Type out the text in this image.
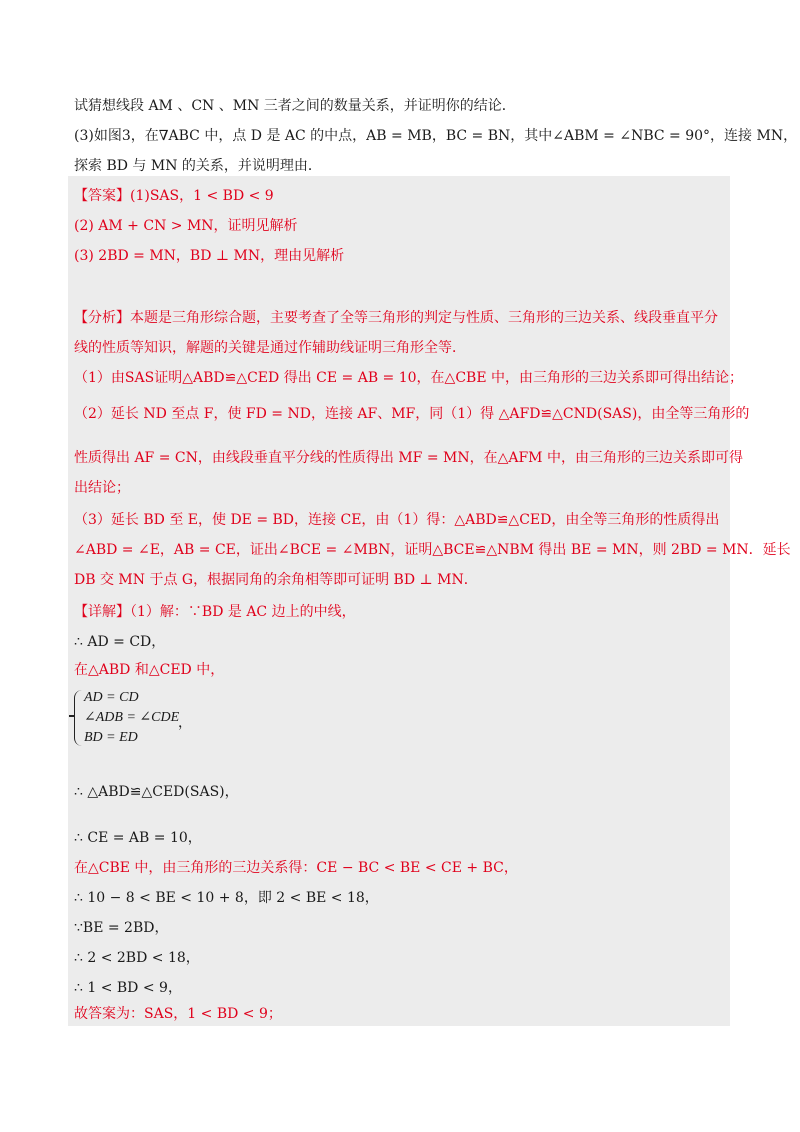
试猜想线段 AM 、CN 、MN 三者之间的数量关系，并证明你的结论．
(3)如图3，在∇ABC 中，点 D 是 AC 的中点，AB = MB，BC = BN，其中∠ABM = ∠NBC = 90°，连接 MN，
探索 BD 与 MN 的关系，并说明理由．
【答案】(1)SAS，1 < BD < 9
(2) AM + CN > MN，证明见解析
(3) 2BD = MN，BD ⊥ MN，理由见解析
【分析】本题是三角形综合题，主要考查了全等三角形的判定与性质、三角形的三边关系、线段垂直平分
线的性质等知识，解题的关键是通过作辅助线证明三角形全等．
（1）由SAS证明△ABD≌△CED 得出 CE = AB = 10，在△CBE 中，由三角形的三边关系即可得出结论；
（2）延长 ND 至点 F，使 FD = ND，连接 AF、MF，同（1）得 △AFD≌△CND(SAS)，由全等三角形的
性质得出 AF = CN，由线段垂直平分线的性质得出 MF = MN，在△AFM 中，由三角形的三边关系即可得
出结论；
（3）延长 BD 至 E，使 DE = BD，连接 CE，由（1）得：△ABD≌△CED，由全等三角形的性质得出
∠ABD = ∠E，AB = CE，证出∠BCE = ∠MBN，证明△BCE≌△NBM 得出 BE = MN，则 2BD = MN．延长
DB 交 MN 于点 G，根据同角的余角相等即可证明 BD ⊥ MN．
【详解】（1）解：∵BD 是 AC 边上的中线，
∴ AD = CD，
在△ABD 和△CED 中，
AD = CD
∠ADB = ∠CDE
BD = ED
，
∴ △ABD≌△CED(SAS)，
∴ CE = AB = 10，
在△CBE 中，由三角形的三边关系得：CE − BC < BE < CE + BC，
∴ 10 − 8 < BE < 10 + 8，即 2 < BE < 18，
∵BE = 2BD，
∴ 2 < 2BD < 18，
∴ 1 < BD < 9，
故答案为：SAS，1 < BD < 9；
